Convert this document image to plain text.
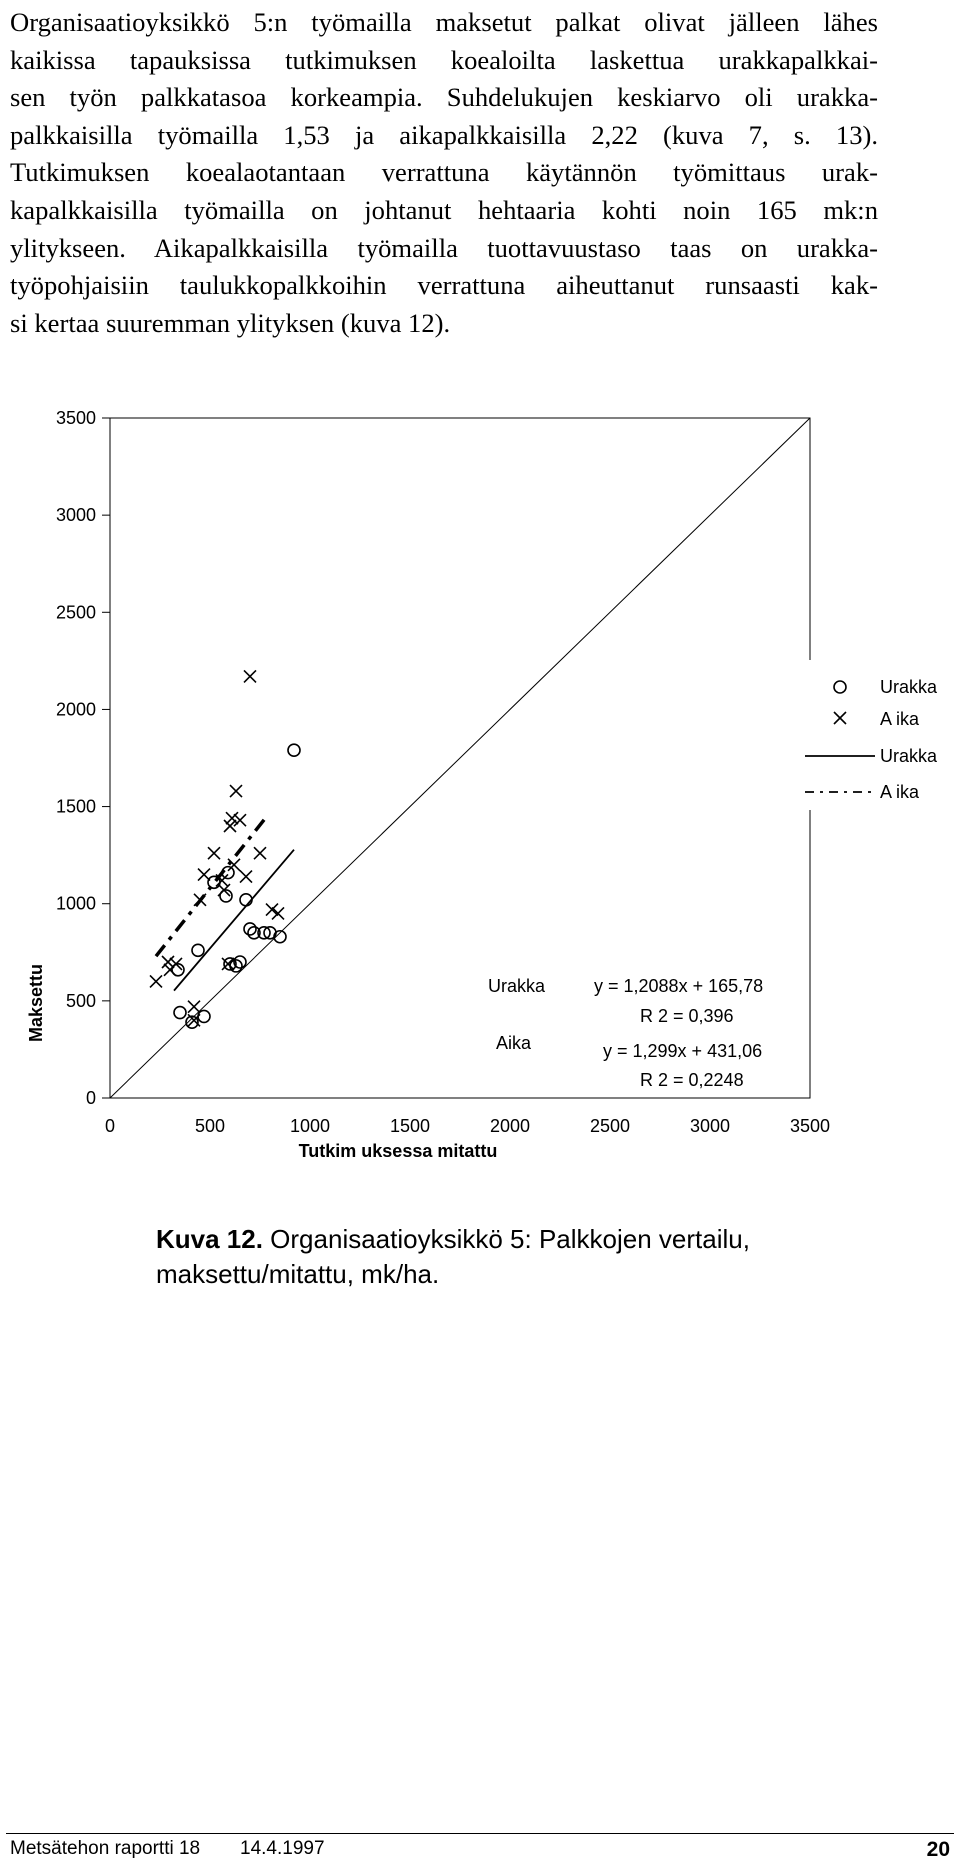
Organisaatioyksikkö 5:n työmailla maksetut palkat olivat jälleen lähes
kaikissa tapauksissa tutkimuksen koealoilta laskettua urakkapalkkai-
sen työn palkkatasoa korkeampia. Suhdelukujen keskiarvo oli urakka-
palkkaisilla työmailla 1,53 ja aikapalkkaisilla 2,22 (kuva 7, s. 13).
Tutkimuksen koealaotantaan verrattuna käytännön työmittaus urak-
kapalkkaisilla työmailla on johtanut hehtaaria kohti noin 165 mk:n
ylitykseen. Aikapalkkaisilla työmailla tuottavuustaso taas on urakka-
työpohjaisiin taulukkopalkkoihin verrattuna aiheuttanut runsaasti kak-
si kertaa suuremman ylityksen (kuva 12).

0
500
1000
1500
2000
2500
3000
3500
0	500	1000	1500	2000	2500	3000	3500
Maksettu
Tutkim uksessa mitattu
Urakka	y = 1,2088x + 165,78
R 2 = 0,396
Aika	y = 1,299x + 431,06
R 2 = 0,2248
Urakka
A ika
Urakka
A ika

Kuva 12. Organisaatioyksikkö 5: Palkkojen vertailu, maksettu/mitattu, mk/ha.

Metsätehon raportti 18 14.4.1997	20
